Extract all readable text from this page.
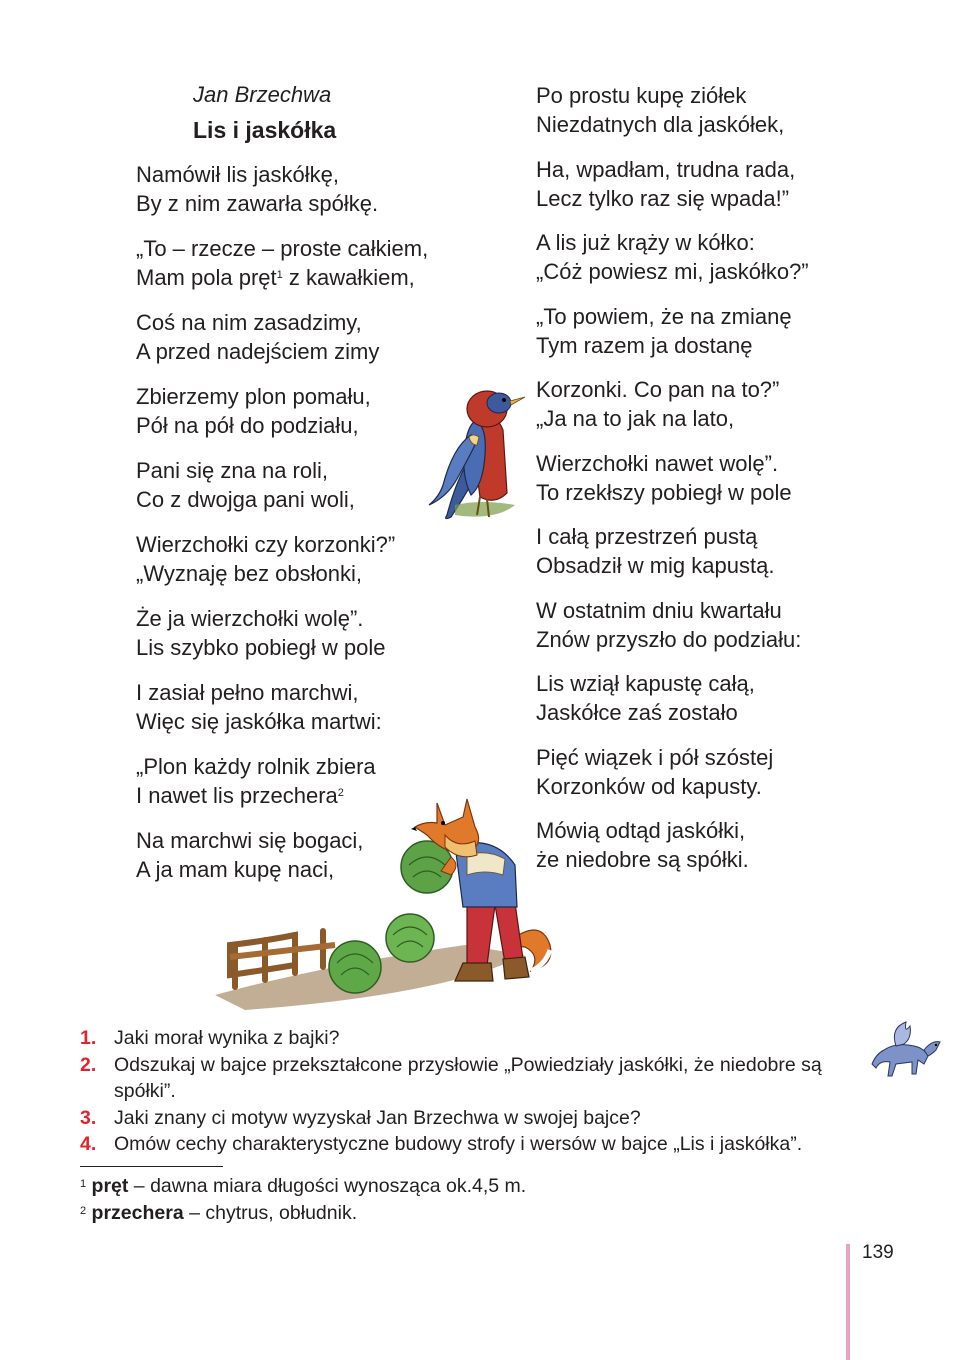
Jan Brzechwa
Lis i jaskółka
Namówił lis jaskółkę,
By z nim zawarła spółkę.
„To – rzecze – proste całkiem,
Mam pola pręt$^1$ z kawałkiem,
Coś na nim zasadzimy,
A przed nadejściem zimy
Zbierzemy plon pomału,
Pół na pół do podziału,
Pani się zna na roli,
Co z dwojga pani woli,
Wierzchołki czy korzonki?”
„Wyznaję bez obsłonki,
Że ja wierzchołki wolę”.
Lis szybko pobiegł w pole
I zasiał pełno marchwi,
Więc się jaskółka martwi:
„Plon każdy rolnik zbiera
I nawet lis przechera$^2$
Na marchwi się bogaci,
A ja mam kupę naci,
Po prostu kupę ziółek
Niezdatnych dla jaskółek,
Ha, wpadłam, trudna rada,
Lecz tylko raz się wpada!”
A lis już krąży w kółko:
„Cóż powiesz mi, jaskółko?”
„To powiem, że na zmianę
Tym razem ja dostanę
Korzonki. Co pan na to?”
„Ja na to jak na lato,
Wierzchołki nawet wolę”.
To rzekłszy pobiegł w pole
I całą przestrzeń pustą
Obsadził w mig kapustą.
W ostatnim dniu kwartału
Znów przyszło do podziału:
Lis wziął kapustę całą,
Jaskółce zaś zostało
Pięć wiązek i pół szóstej
Korzonków od kapusty.
Mówią odtąd jaskółki,
że niedobre są spółki.
1. Jaki morał wynika z bajki?
2. Odszukaj w bajce przekształcone przysłowie „Powiedziały jaskółki, że niedobre są spółki”.
3. Jaki znany ci motyw wyzyskał Jan Brzechwa w swojej bajce?
4. Omów cechy charakterystyczne budowy strofy i wersów w bajce „Lis i jaskółka”.
$^1$ pręt – dawna miara długości wynosząca ok.4,5 m.
$^2$ przechera – chytrus, obłudnik.
139
